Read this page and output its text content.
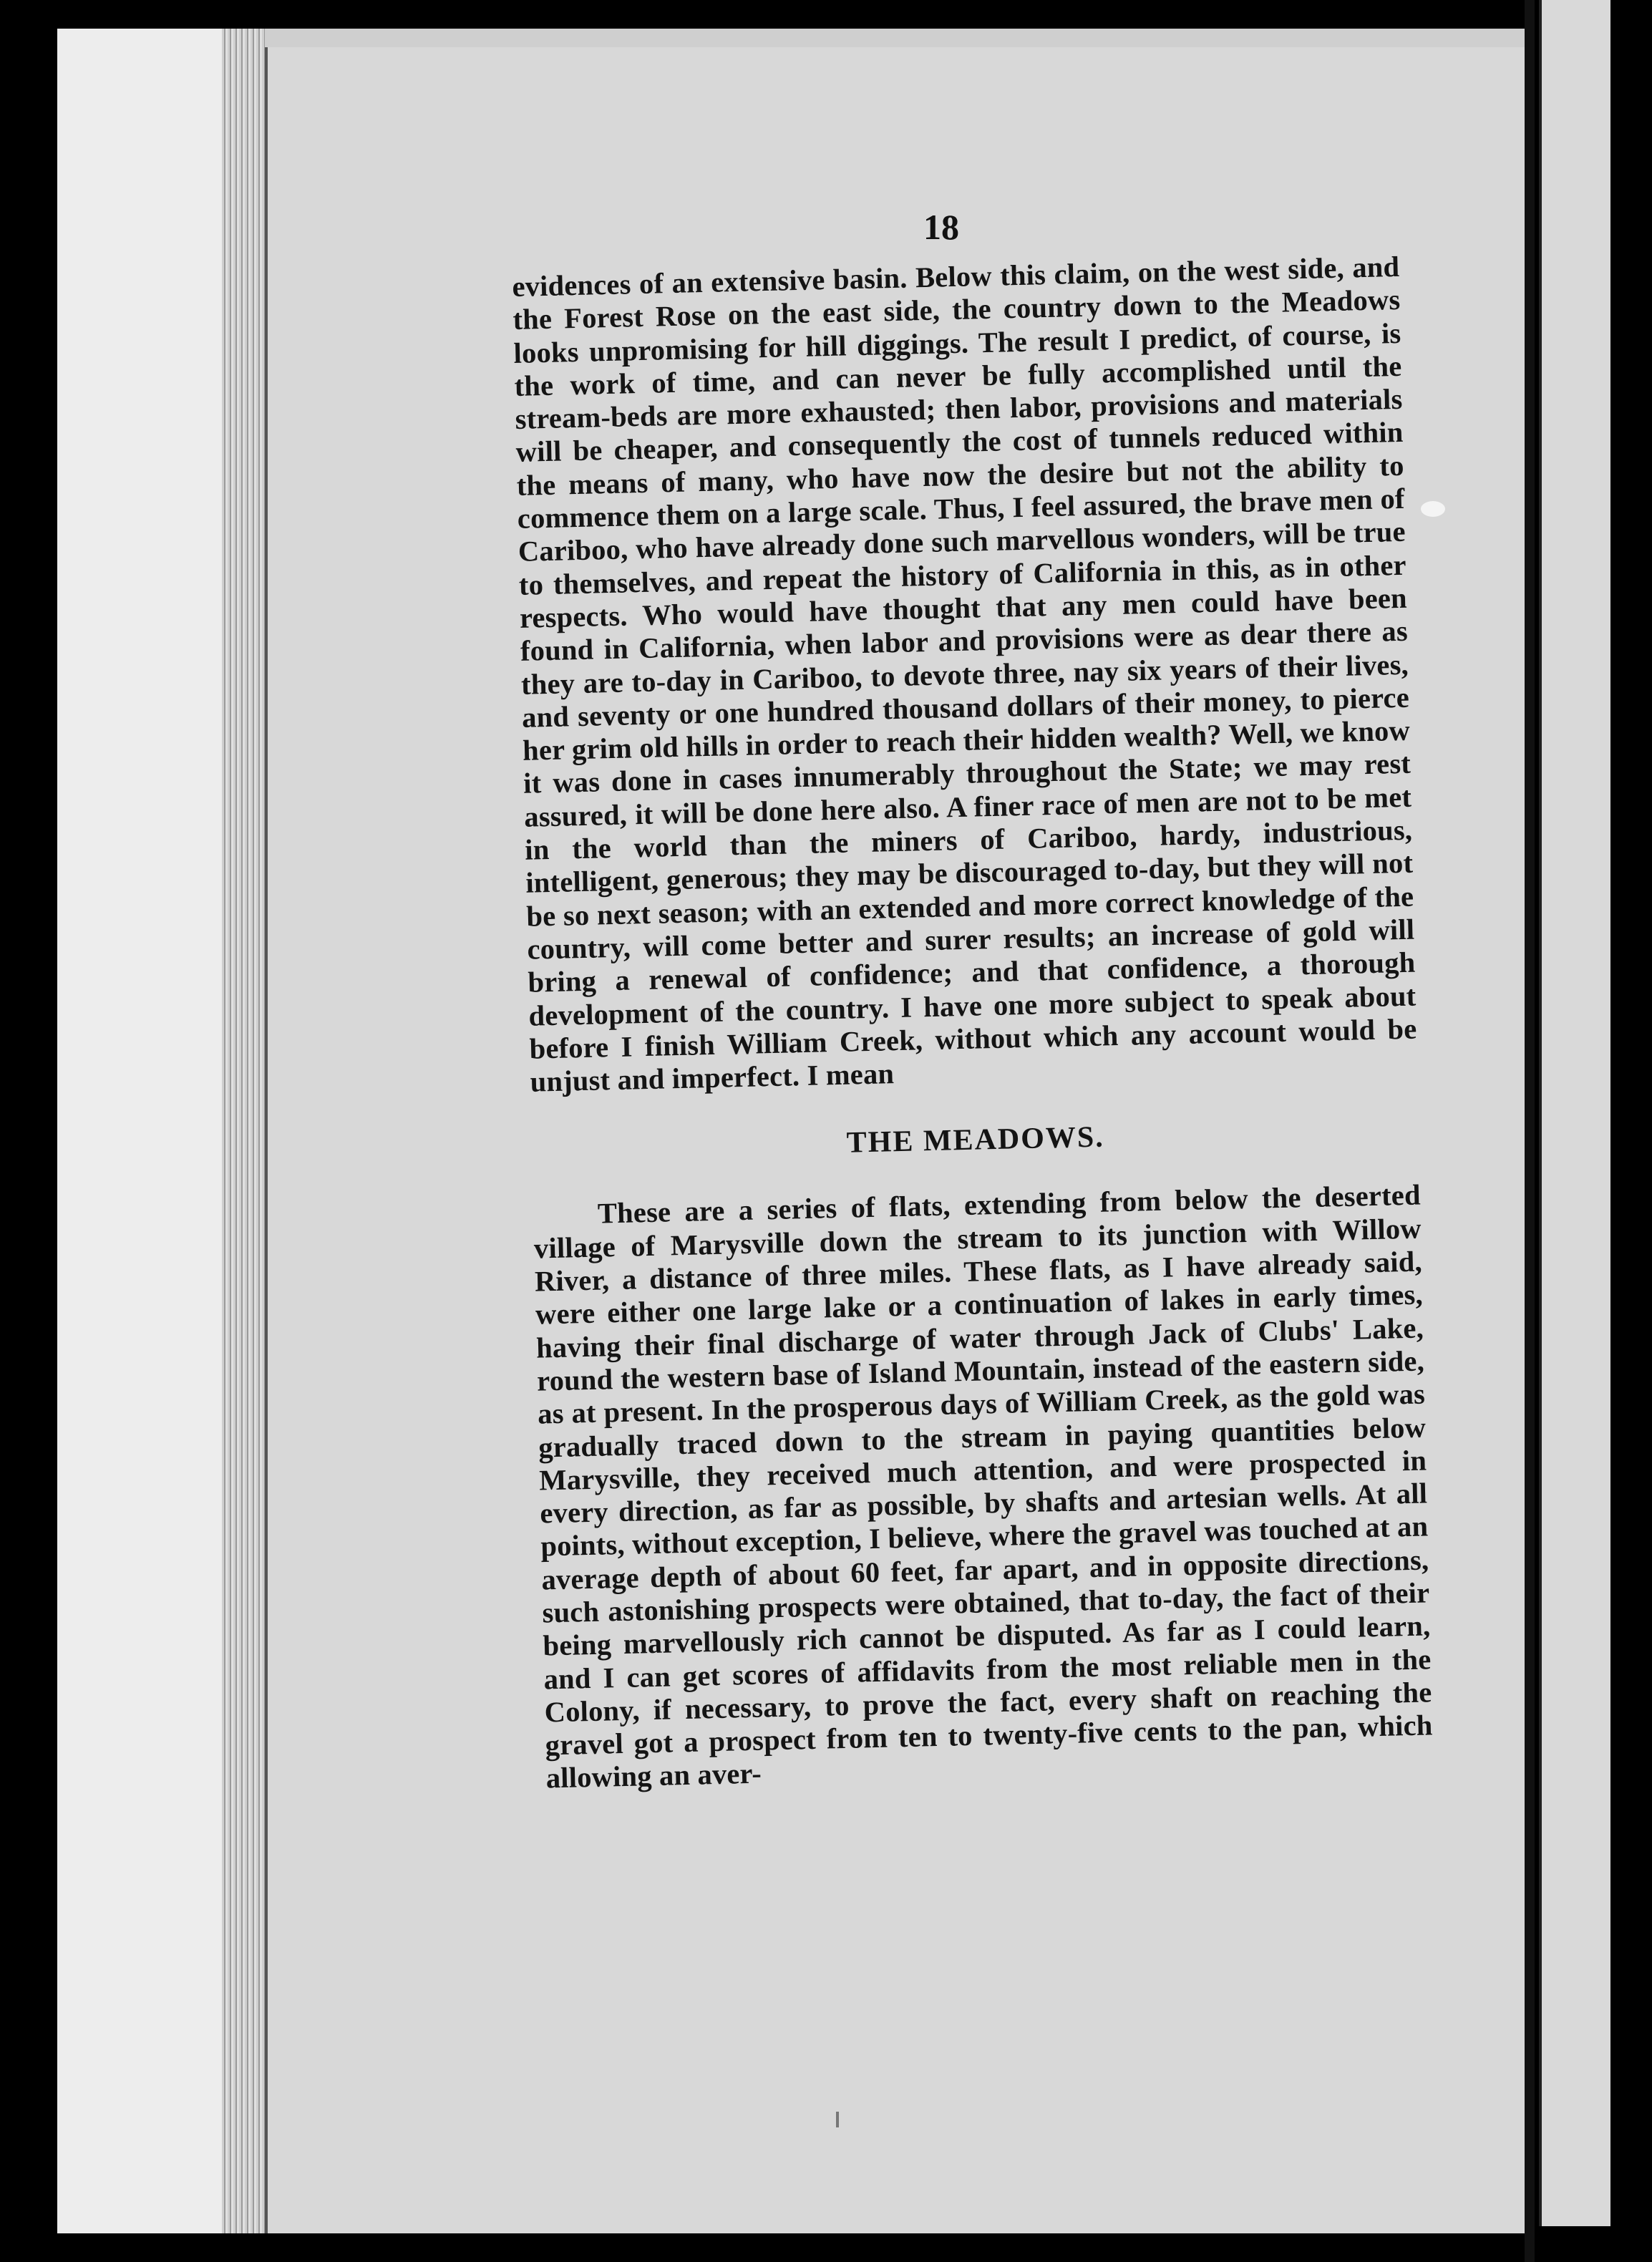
18

evidences of an extensive basin. Below this claim, on the west side, and the Forest Rose on the east side, the country down to the Meadows looks unpromising for hill diggings. The result I predict, of course, is the work of time, and can never be fully accomplished until the stream-beds are more exhausted; then labor, provisions and materials will be cheaper, and consequently the cost of tunnels reduced within the means of many, who have now the desire but not the ability to commence them on a large scale. Thus, I feel assured, the brave men of Cariboo, who have already done such marvellous wonders, will be true to themselves, and repeat the history of California in this, as in other respects. Who would have thought that any men could have been found in California, when labor and provisions were as dear there as they are to-day in Cariboo, to devote three, nay six years of their lives, and seventy or one hundred thousand dollars of their money, to pierce her grim old hills in order to reach their hidden wealth? Well, we know it was done in cases innumerably throughout the State; we may rest assured, it will be done here also. A finer race of men are not to be met in the world than the miners of Cariboo, hardy, industrious, intelligent, generous; they may be discouraged to-day, but they will not be so next season; with an extended and more correct knowledge of the country, will come better and surer results; an increase of gold will bring a renewal of confidence; and that confidence, a thorough development of the country. I have one more subject to speak about before I finish William Creek, without which any account would be unjust and imperfect. I mean

THE MEADOWS.

These are a series of flats, extending from below the deserted village of Marysville down the stream to its junction with Willow River, a distance of three miles. These flats, as I have already said, were either one large lake or a continuation of lakes in early times, having their final discharge of water through Jack of Clubs' Lake, round the western base of Island Mountain, instead of the eastern side, as at present. In the prosperous days of William Creek, as the gold was gradually traced down to the stream in paying quantities below Marysville, they received much attention, and were prospected in every direction, as far as possible, by shafts and artesian wells. At all points, without exception, I believe, where the gravel was touched at an average depth of about 60 feet, far apart, and in opposite directions, such astonishing prospects were obtained, that to-day, the fact of their being marvellously rich cannot be disputed. As far as I could learn, and I can get scores of affidavits from the most reliable men in the Colony, if necessary, to prove the fact, every shaft on reaching the gravel got a prospect from ten to twenty-five cents to the pan, which allowing an aver-
